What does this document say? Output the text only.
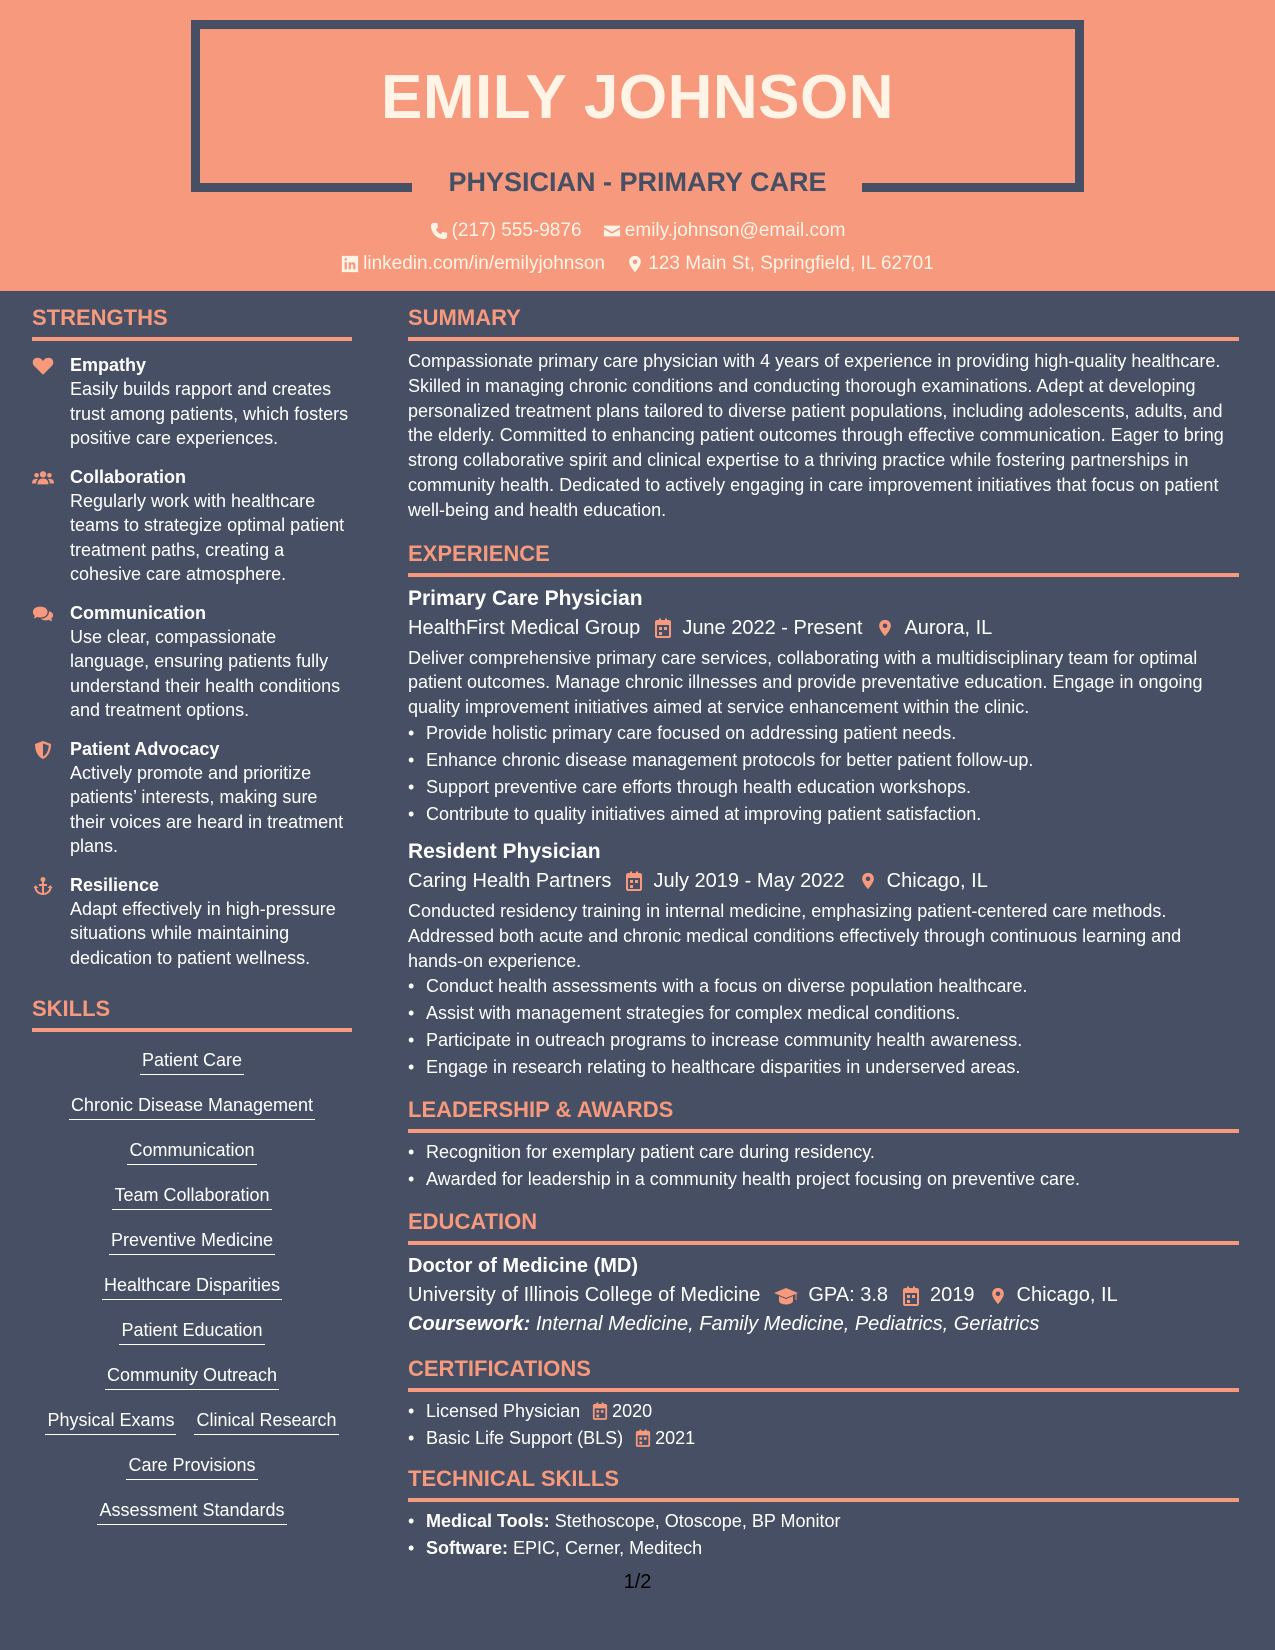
EMILY JOHNSON
PHYSICIAN - PRIMARY CARE
(217) 555-9876
emily.johnson@email.com
linkedin.com/in/emilyjohnson
123 Main St, Springfield, IL 62701
STRENGTHS
Empathy
Easily builds rapport and creates trust among patients, which fosters positive care experiences.
Collaboration
Regularly work with healthcare teams to strategize optimal patient treatment paths, creating a cohesive care atmosphere.
Communication
Use clear, compassionate language, ensuring patients fully understand their health conditions and treatment options.
Patient Advocacy
Actively promote and prioritize patients’ interests, making sure their voices are heard in treatment plans.
Resilience
Adapt effectively in high-pressure situations while maintaining dedication to patient wellness.
SKILLS
Patient Care
Chronic Disease Management
Communication
Team Collaboration
Preventive Medicine
Healthcare Disparities
Patient Education
Community Outreach
Physical Exams Clinical Research
Care Provisions
Assessment Standards
SUMMARY
Compassionate primary care physician with 4 years of experience in providing high-quality healthcare. Skilled in managing chronic conditions and conducting thorough examinations. Adept at developing personalized treatment plans tailored to diverse patient populations, including adolescents, adults, and the elderly. Committed to enhancing patient outcomes through effective communication. Eager to bring strong collaborative spirit and clinical expertise to a thriving practice while fostering partnerships in community health. Dedicated to actively engaging in care improvement initiatives that focus on patient well-being and health education.
EXPERIENCE
Primary Care Physician
HealthFirst Medical Group June 2022 - Present Aurora, IL
Deliver comprehensive primary care services, collaborating with a multidisciplinary team for optimal patient outcomes. Manage chronic illnesses and provide preventative education. Engage in ongoing quality improvement initiatives aimed at service enhancement within the clinic.
• Provide holistic primary care focused on addressing patient needs.
• Enhance chronic disease management protocols for better patient follow-up.
• Support preventive care efforts through health education workshops.
• Contribute to quality initiatives aimed at improving patient satisfaction.
Resident Physician
Caring Health Partners July 2019 - May 2022 Chicago, IL
Conducted residency training in internal medicine, emphasizing patient-centered care methods. Addressed both acute and chronic medical conditions effectively through continuous learning and hands-on experience.
• Conduct health assessments with a focus on diverse population healthcare.
• Assist with management strategies for complex medical conditions.
• Participate in outreach programs to increase community health awareness.
• Engage in research relating to healthcare disparities in underserved areas.
LEADERSHIP & AWARDS
• Recognition for exemplary patient care during residency.
• Awarded for leadership in a community health project focusing on preventive care.
EDUCATION
Doctor of Medicine (MD)
University of Illinois College of Medicine GPA: 3.8 2019 Chicago, IL
Coursework: Internal Medicine, Family Medicine, Pediatrics, Geriatrics
CERTIFICATIONS
• Licensed Physician 2020
• Basic Life Support (BLS) 2021
TECHNICAL SKILLS
• Medical Tools: Stethoscope, Otoscope, BP Monitor
• Software: EPIC, Cerner, Meditech
1/2
